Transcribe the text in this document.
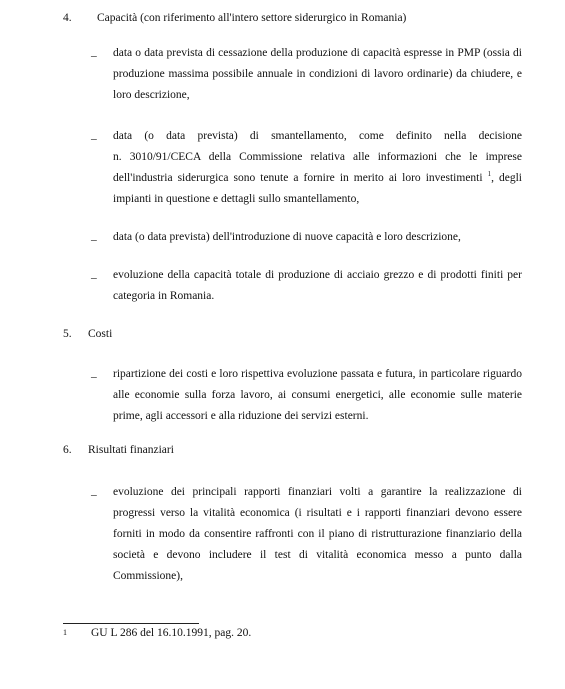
4. Capacità (con riferimento all'intero settore siderurgico in Romania)
– data o data prevista di cessazione della produzione di capacità espresse in PMP (ossia di
produzione massima possibile annuale in condizioni di lavoro ordinarie) da chiudere, e
loro descrizione,
– data (o data prevista) di smantellamento, come definito nella decisione
n. 3010/91/CECA della Commissione relativa alle informazioni che le imprese
dell'industria siderurgica sono tenute a fornire in merito ai loro investimenti $^1$, degli
impianti in questione e dettagli sullo smantellamento,
– data (o data prevista) dell'introduzione di nuove capacità e loro descrizione,
– evoluzione della capacità totale di produzione di acciaio grezzo e di prodotti finiti per
categoria in Romania.
5. Costi
– ripartizione dei costi e loro rispettiva evoluzione passata e futura, in particolare riguardo
alle economie sulla forza lavoro, ai consumi energetici, alle economie sulle materie
prime, agli accessori e alla riduzione dei servizi esterni.
6. Risultati finanziari
– evoluzione dei principali rapporti finanziari volti a garantire la realizzazione di
progressi verso la vitalità economica (i risultati e i rapporti finanziari devono essere
forniti in modo da consentire raffronti con il piano di ristrutturazione finanziario della
società e devono includere il test di vitalità economica messo a punto dalla
Commissione),
1 GU L 286 del 16.10.1991, pag. 20.
